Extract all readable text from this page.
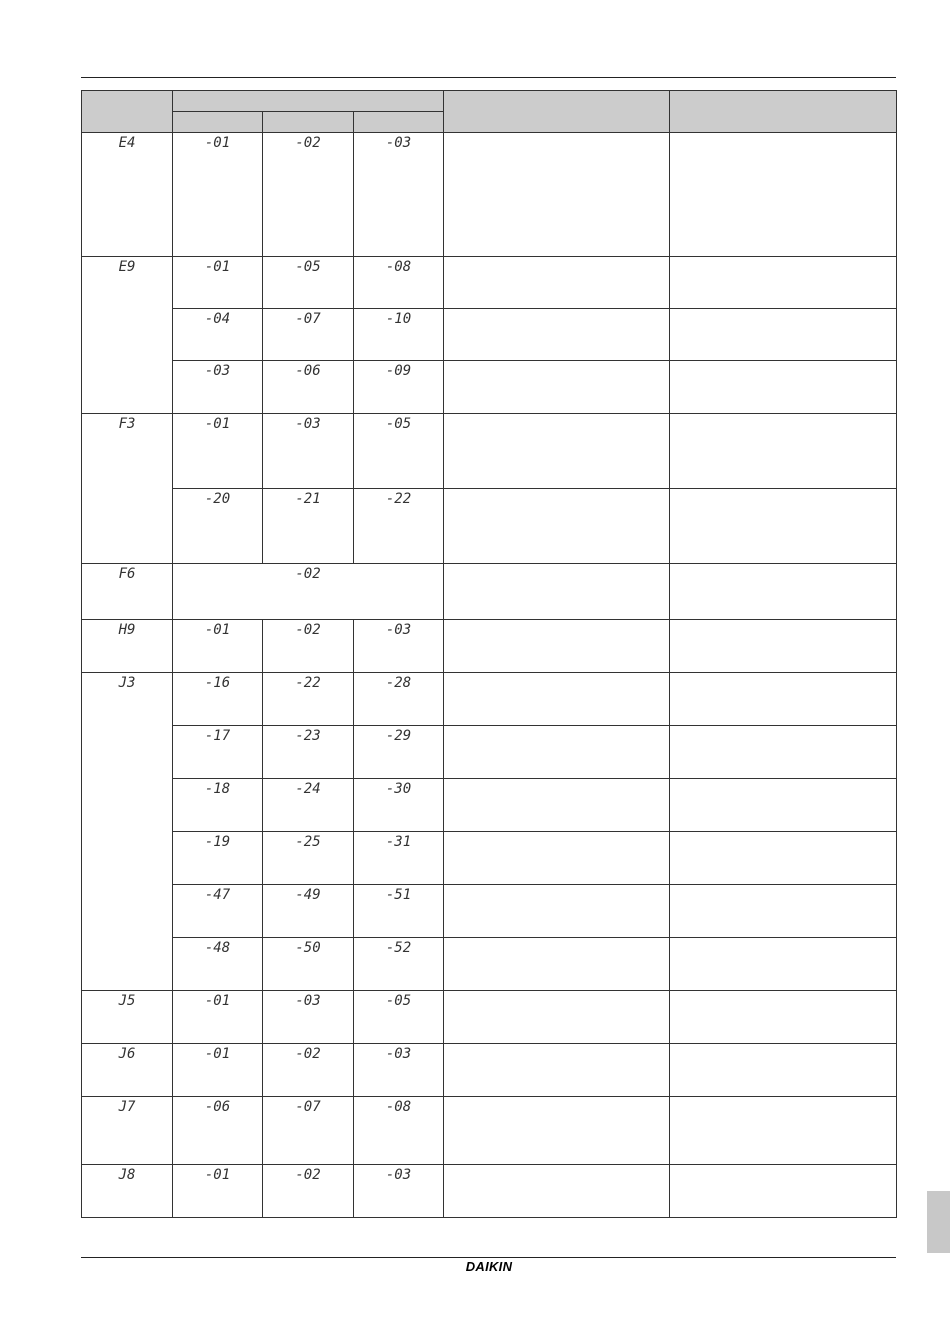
E4	-01	-02	-03		
E9	-01	-05	-08		
	-04	-07	-10		
	-03	-06	-09		
F3	-01	-03	-05		
	-20	-21	-22		
F6	-02				
H9	-01	-02	-03		
J3	-16	-22	-28		
	-17	-23	-29		
	-18	-24	-30		
	-19	-25	-31		
	-47	-49	-51		
	-48	-50	-52		
J5	-01	-03	-05		
J6	-01	-02	-03		
J7	-06	-07	-08		
J8	-01	-02	-03		
DAIKIN
